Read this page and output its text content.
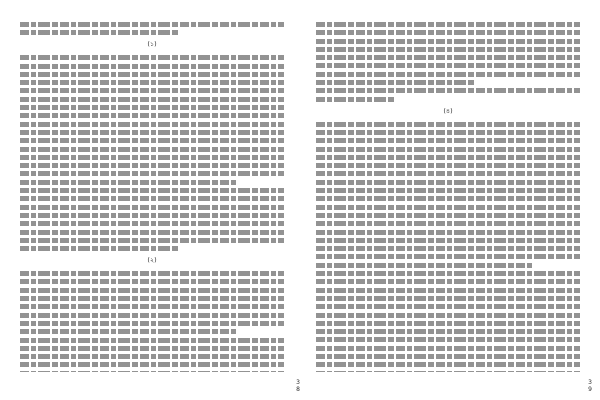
(১)
(২)
(৪)
3
8
3
9
